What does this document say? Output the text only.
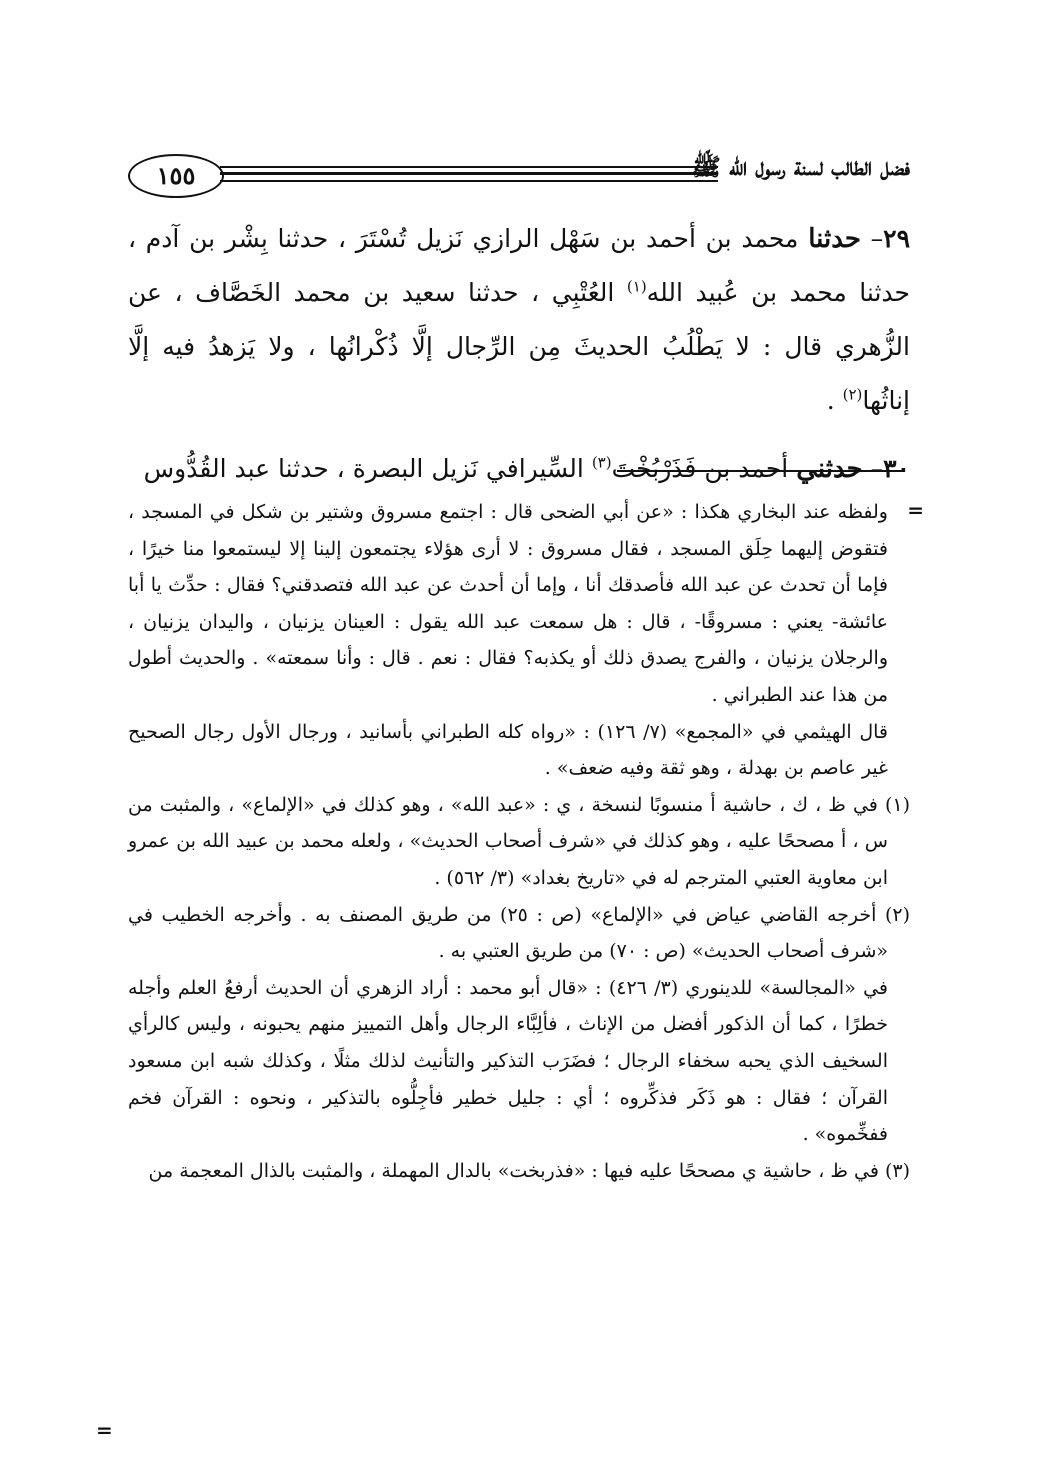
١٥٥	فضل الطالب لسنة رسول الله ﷺ

٢٩– حدثنا محمد بن أحمد بن سَهْل الرازي نَزيل تُسْتَرَ ، حدثنا بِشْر بن آدم ، حدثنا محمد بن عُبيد الله$^{(١)}$ العُتْبِي ، حدثنا سعيد بن محمد الخَصَّاف ، عن الزُّهري قال : لا يَطْلُبُ الحديثَ مِن الرِّجال إلَّا ذُكْرانُها ، ولا يَزهدُ فيه إلَّا إناثُها$^{(٢)}$ .

٣٠– حدثني أحمد بن فَذَرْبُخْتَ$^{(٣)}$ السِّيرافي نَزيل البصرة ، حدثنا عبد القُدُّوس

=

ولفظه عند البخاري هكذا : «عن أبي الضحى قال : اجتمع مسروق وشتير بن شكل في المسجد ، فتقوض إليهما حِلَق المسجد ، فقال مسروق : لا أرى هؤلاء يجتمعون إلينا إلا ليستمعوا منا خيرًا ، فإما أن تحدث عن عبد الله فأصدقك أنا ، وإما أن أحدث عن عبد الله فتصدقني؟ فقال : حدِّث يا أبا عائشة- يعني : مسروقًا- ، قال : هل سمعت عبد الله يقول : العينان يزنيان ، واليدان يزنيان ، والرجلان يزنيان ، والفرج يصدق ذلك أو يكذبه؟ فقال : نعم . قال : وأنا سمعته» . والحديث أطول من هذا عند الطبراني .

قال الهيثمي في «المجمع» (٧/ ١٢٦) : «رواه كله الطبراني بأسانيد ، ورجال الأول رجال الصحيح غير عاصم بن بهدلة ، وهو ثقة وفيه ضعف» .

(١) في ظ ، ك ، حاشية أ منسوبًا لنسخة ، ي : «عبد الله» ، وهو كذلك في «الإلماع» ، والمثبت من س ، أ مصححًا عليه ، وهو كذلك في «شرف أصحاب الحديث» ، ولعله محمد بن عبيد الله بن عمرو ابن معاوية العتبي المترجم له في «تاريخ بغداد» (٣/ ٥٦٢) .

(٢) أخرجه القاضي عياض في «الإلماع» (ص : ٢٥) من طريق المصنف به . وأخرجه الخطيب في «شرف أصحاب الحديث» (ص : ٧٠) من طريق العتبي به .

في «المجالسة» للدينوري (٣/ ٤٢٦) : «قال أبو محمد : أراد الزهري أن الحديث أرفعُ العلم وأجله خطرًا ، كما أن الذكور أفضل من الإناث ، فألِبَّاء الرجال وأهل التمييز منهم يحبونه ، وليس كالرأي السخيف الذي يحبه سخفاء الرجال ؛ فضَرَب التذكير والتأنيث لذلك مثلًا ، وكذلك شبه ابن مسعود القرآن ؛ فقال : هو ذَكَر فذكِّروه ؛ أي : جليل خطير فأجِلُّوه بالتذكير ، ونحوه : القرآن فخم ففخِّموه» .

(٣) في ظ ، حاشية ي مصححًا عليه فيها : «فذربخت» بالدال المهملة ، والمثبت بالذال المعجمة من

=
